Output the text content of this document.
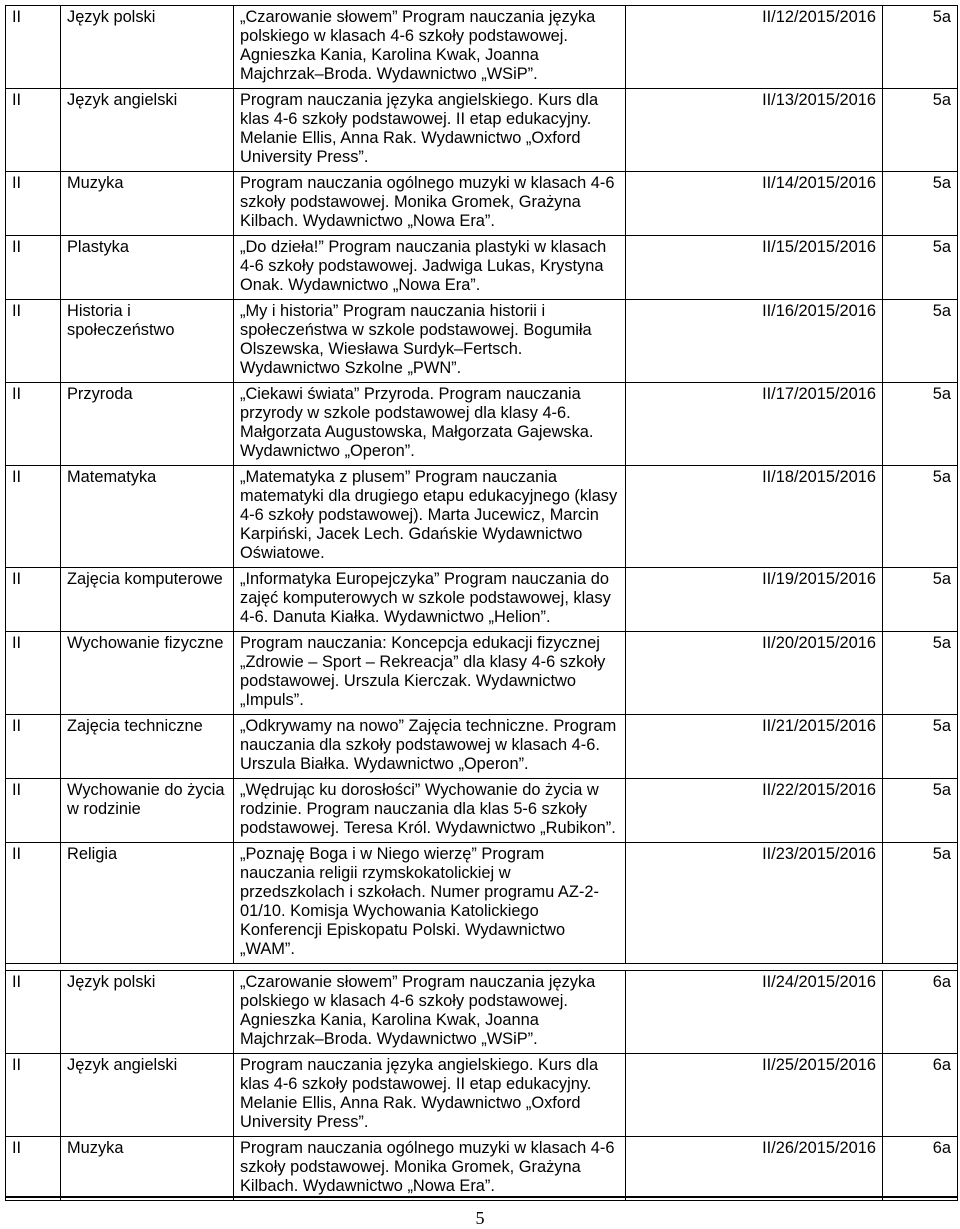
II	Język polski	„Czarowanie słowem” Program nauczania języka polskiego w klasach 4-6 szkoły podstawowej. Agnieszka Kania, Karolina Kwak, Joanna Majchrzak–Broda. Wydawnictwo „WSiP”.	II/12/2015/2016	5a
II	Język angielski	Program nauczania języka angielskiego. Kurs dla klas 4-6 szkoły podstawowej. II etap edukacyjny. Melanie Ellis, Anna Rak. Wydawnictwo „Oxford University Press”.	II/13/2015/2016	5a
II	Muzyka	Program nauczania ogólnego muzyki w klasach 4-6 szkoły podstawowej. Monika Gromek, Grażyna Kilbach. Wydawnictwo „Nowa Era”.	II/14/2015/2016	5a
II	Plastyka	„Do dzieła!” Program nauczania plastyki w klasach 4-6 szkoły podstawowej. Jadwiga Lukas, Krystyna Onak. Wydawnictwo „Nowa Era”.	II/15/2015/2016	5a
II	Historia i społeczeństwo	„My i historia” Program nauczania historii i społeczeństwa w szkole podstawowej. Bogumiła Olszewska, Wiesława Surdyk–Fertsch. Wydawnictwo Szkolne „PWN”.	II/16/2015/2016	5a
II	Przyroda	„Ciekawi świata” Przyroda. Program nauczania przyrody w szkole podstawowej dla klasy 4-6. Małgorzata Augustowska, Małgorzata Gajewska. Wydawnictwo „Operon”.	II/17/2015/2016	5a
II	Matematyka	„Matematyka z plusem” Program nauczania matematyki dla drugiego etapu edukacyjnego (klasy 4-6 szkoły podstawowej). Marta Jucewicz, Marcin Karpiński, Jacek Lech. Gdańskie Wydawnictwo Oświatowe.	II/18/2015/2016	5a
II	Zajęcia komputerowe	„Informatyka Europejczyka” Program nauczania do zajęć komputerowych w szkole podstawowej, klasy 4-6. Danuta Kiałka. Wydawnictwo „Helion”.	II/19/2015/2016	5a
II	Wychowanie fizyczne	Program nauczania: Koncepcja edukacji fizycznej „Zdrowie – Sport – Rekreacja” dla klasy 4-6 szkoły podstawowej. Urszula Kierczak. Wydawnictwo „Impuls”.	II/20/2015/2016	5a
II	Zajęcia techniczne	„Odkrywamy na nowo” Zajęcia techniczne. Program nauczania dla szkoły podstawowej w klasach 4-6. Urszula Białka. Wydawnictwo „Operon”.	II/21/2015/2016	5a
II	Wychowanie do życia w rodzinie	„Wędrując ku dorosłości” Wychowanie do życia w rodzinie. Program nauczania dla klas 5-6 szkoły podstawowej. Teresa Król. Wydawnictwo „Rubikon”.	II/22/2015/2016	5a
II	Religia	„Poznaję Boga i w Niego wierzę” Program nauczania religii rzymskokatolickiej w przedszkolach i szkołach. Numer programu AZ-2-01/10. Komisja Wychowania Katolickiego Konferencji Episkopatu Polski. Wydawnictwo „WAM”.	II/23/2015/2016	5a

II	Język polski	„Czarowanie słowem” Program nauczania języka polskiego w klasach 4-6 szkoły podstawowej. Agnieszka Kania, Karolina Kwak, Joanna Majchrzak–Broda. Wydawnictwo „WSiP”.	II/24/2015/2016	6a
II	Język angielski	Program nauczania języka angielskiego. Kurs dla klas 4-6 szkoły podstawowej. II etap edukacyjny. Melanie Ellis, Anna Rak. Wydawnictwo „Oxford University Press”.	II/25/2015/2016	6a
II	Muzyka	Program nauczania ogólnego muzyki w klasach 4-6 szkoły podstawowej. Monika Gromek, Grażyna Kilbach. Wydawnictwo „Nowa Era”.	II/26/2015/2016	6a
5
